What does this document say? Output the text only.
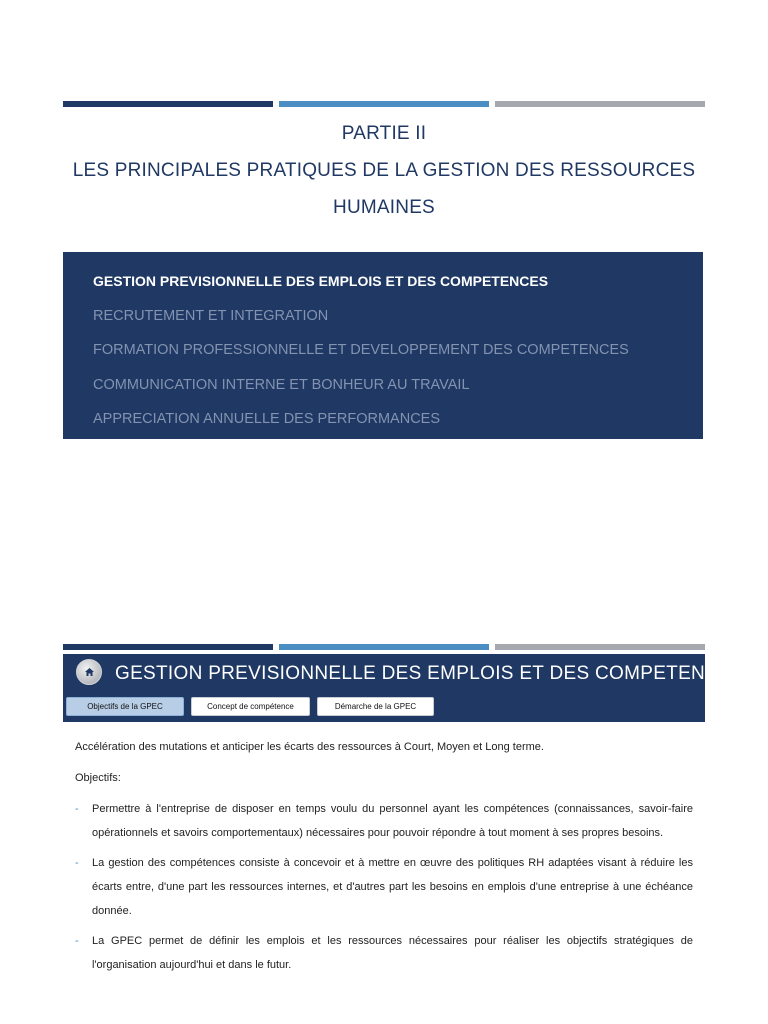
PARTIE II
LES PRINCIPALES PRATIQUES DE LA GESTION DES RESSOURCES
HUMAINES
GESTION PREVISIONNELLE DES EMPLOIS ET DES COMPETENCES
RECRUTEMENT ET INTEGRATION
FORMATION PROFESSIONNELLE ET DEVELOPPEMENT DES COMPETENCES
COMMUNICATION INTERNE ET BONHEUR AU TRAVAIL
APPRECIATION ANNUELLE DES PERFORMANCES
GESTION PREVISIONNELLE DES EMPLOIS ET DES COMPETENCES
Objectifs de la GPEC	Concept de compétence	Démarche de la GPEC

Accélération des mutations et anticiper les écarts des ressources à Court, Moyen et Long terme.

Objectifs:

- Permettre à l'entreprise de disposer en temps voulu du personnel ayant les compétences (connaissances, savoir-faire opérationnels et savoirs comportementaux) nécessaires pour pouvoir répondre à tout moment à ses propres besoins.
- La gestion des compétences consiste à concevoir et à mettre en œuvre des politiques RH adaptées visant à réduire les écarts entre, d'une part les ressources internes, et d'autres part les besoins en emplois d'une entreprise à une échéance donnée.
- La GPEC permet de définir les emplois et les ressources nécessaires pour réaliser les objectifs stratégiques de l'organisation aujourd'hui et dans le futur.
